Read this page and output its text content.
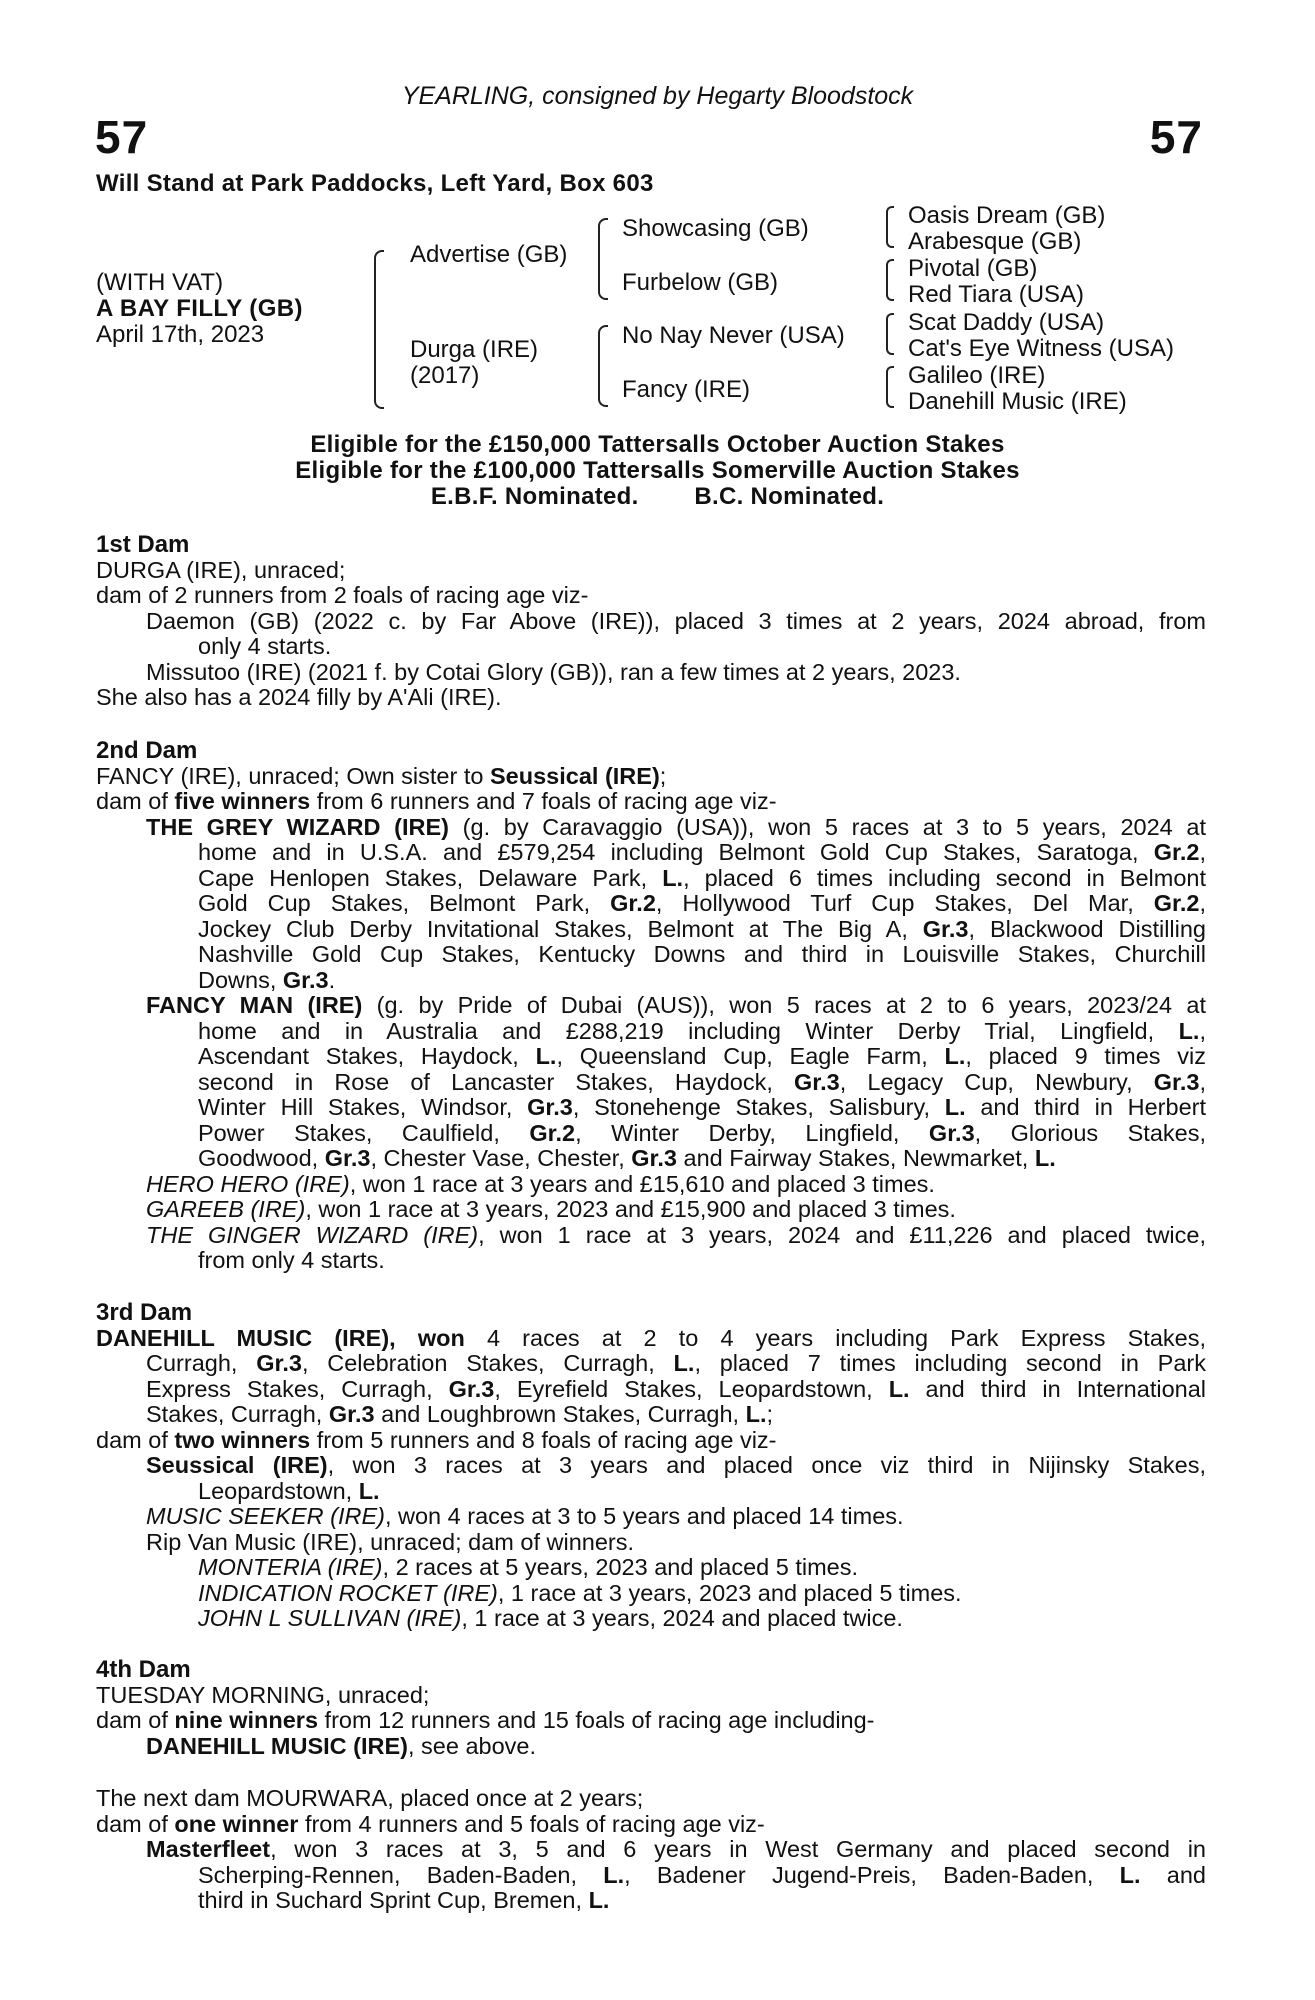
57	57
YEARLING, consigned by Hegarty Bloodstock
Will Stand at Park Paddocks, Left Yard, Box 603
(WITH VAT)
A BAY FILLY (GB)
April 17th, 2023
Advertise (GB)
Durga (IRE)
(2017)
Showcasing (GB)
Furbelow (GB)
No Nay Never (USA)
Fancy (IRE)
Oasis Dream (GB)
Arabesque (GB)
Pivotal (GB)
Red Tiara (USA)
Scat Daddy (USA)
Cat's Eye Witness (USA)
Galileo (IRE)
Danehill Music (IRE)
Eligible for the £150,000 Tattersalls October Auction Stakes
Eligible for the £100,000 Tattersalls Somerville Auction Stakes
E.B.F. Nominated.        B.C. Nominated.
1st Dam
DURGA (IRE), unraced;
dam of 2 runners from 2 foals of racing age viz-
Daemon (GB) (2022 c. by Far Above (IRE)), placed 3 times at 2 years, 2024 abroad, from
only 4 starts.
Missutoo (IRE) (2021 f. by Cotai Glory (GB)), ran a few times at 2 years, 2023.
She also has a 2024 filly by A'Ali (IRE).
2nd Dam
FANCY (IRE), unraced; Own sister to Seussical (IRE);
dam of five winners from 6 runners and 7 foals of racing age viz-
THE GREY WIZARD (IRE) (g. by Caravaggio (USA)), won 5 races at 3 to 5 years, 2024 at
home and in U.S.A. and £579,254 including Belmont Gold Cup Stakes, Saratoga, Gr.2,
Cape Henlopen Stakes, Delaware Park, L., placed 6 times including second in Belmont
Gold Cup Stakes, Belmont Park, Gr.2, Hollywood Turf Cup Stakes, Del Mar, Gr.2,
Jockey Club Derby Invitational Stakes, Belmont at The Big A, Gr.3, Blackwood Distilling
Nashville Gold Cup Stakes, Kentucky Downs and third in Louisville Stakes, Churchill
Downs, Gr.3.
FANCY MAN (IRE) (g. by Pride of Dubai (AUS)), won 5 races at 2 to 6 years, 2023/24 at
home and in Australia and £288,219 including Winter Derby Trial, Lingfield, L.,
Ascendant Stakes, Haydock, L., Queensland Cup, Eagle Farm, L., placed 9 times viz
second in Rose of Lancaster Stakes, Haydock, Gr.3, Legacy Cup, Newbury, Gr.3,
Winter Hill Stakes, Windsor, Gr.3, Stonehenge Stakes, Salisbury, L. and third in Herbert
Power Stakes, Caulfield, Gr.2, Winter Derby, Lingfield, Gr.3, Glorious Stakes,
Goodwood, Gr.3, Chester Vase, Chester, Gr.3 and Fairway Stakes, Newmarket, L.
HERO HERO (IRE), won 1 race at 3 years and £15,610 and placed 3 times.
GAREEB (IRE), won 1 race at 3 years, 2023 and £15,900 and placed 3 times.
THE GINGER WIZARD (IRE), won 1 race at 3 years, 2024 and £11,226 and placed twice,
from only 4 starts.
3rd Dam
DANEHILL MUSIC (IRE), won 4 races at 2 to 4 years including Park Express Stakes,
Curragh, Gr.3, Celebration Stakes, Curragh, L., placed 7 times including second in Park
Express Stakes, Curragh, Gr.3, Eyrefield Stakes, Leopardstown, L. and third in International
Stakes, Curragh, Gr.3 and Loughbrown Stakes, Curragh, L.;
dam of two winners from 5 runners and 8 foals of racing age viz-
Seussical (IRE), won 3 races at 3 years and placed once viz third in Nijinsky Stakes,
Leopardstown, L.
MUSIC SEEKER (IRE), won 4 races at 3 to 5 years and placed 14 times.
Rip Van Music (IRE), unraced; dam of winners.
MONTERIA (IRE), 2 races at 5 years, 2023 and placed 5 times.
INDICATION ROCKET (IRE), 1 race at 3 years, 2023 and placed 5 times.
JOHN L SULLIVAN (IRE), 1 race at 3 years, 2024 and placed twice.
4th Dam
TUESDAY MORNING, unraced;
dam of nine winners from 12 runners and 15 foals of racing age including-
DANEHILL MUSIC (IRE), see above.
The next dam MOURWARA, placed once at 2 years;
dam of one winner from 4 runners and 5 foals of racing age viz-
Masterfleet, won 3 races at 3, 5 and 6 years in West Germany and placed second in
Scherping-Rennen, Baden-Baden, L., Badener Jugend-Preis, Baden-Baden, L. and
third in Suchard Sprint Cup, Bremen, L.
